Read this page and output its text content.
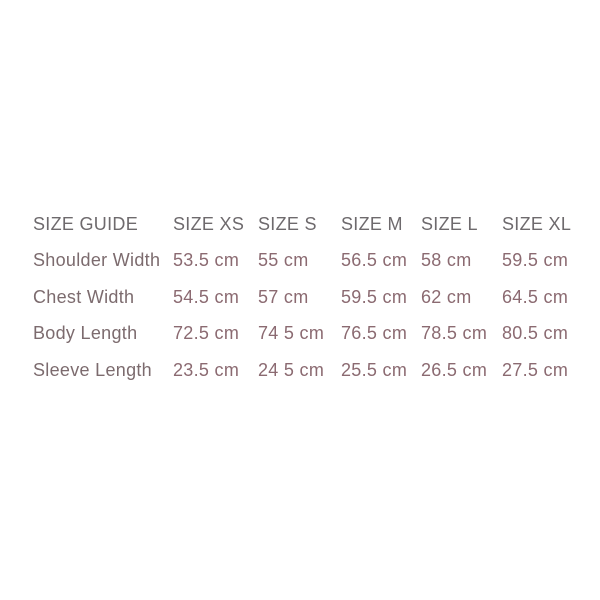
SIZE GUIDE	SIZE XS	SIZE S	SIZE M	SIZE L	SIZE XL
Shoulder Width	53.5 cm	55 cm	56.5 cm	58 cm	59.5 cm
Chest Width	54.5 cm	57 cm	59.5 cm	62 cm	64.5 cm
Body Length	72.5 cm	74 5 cm	76.5 cm	78.5 cm	80.5 cm
Sleeve Length	23.5 cm	24 5 cm	25.5 cm	26.5 cm	27.5 cm
